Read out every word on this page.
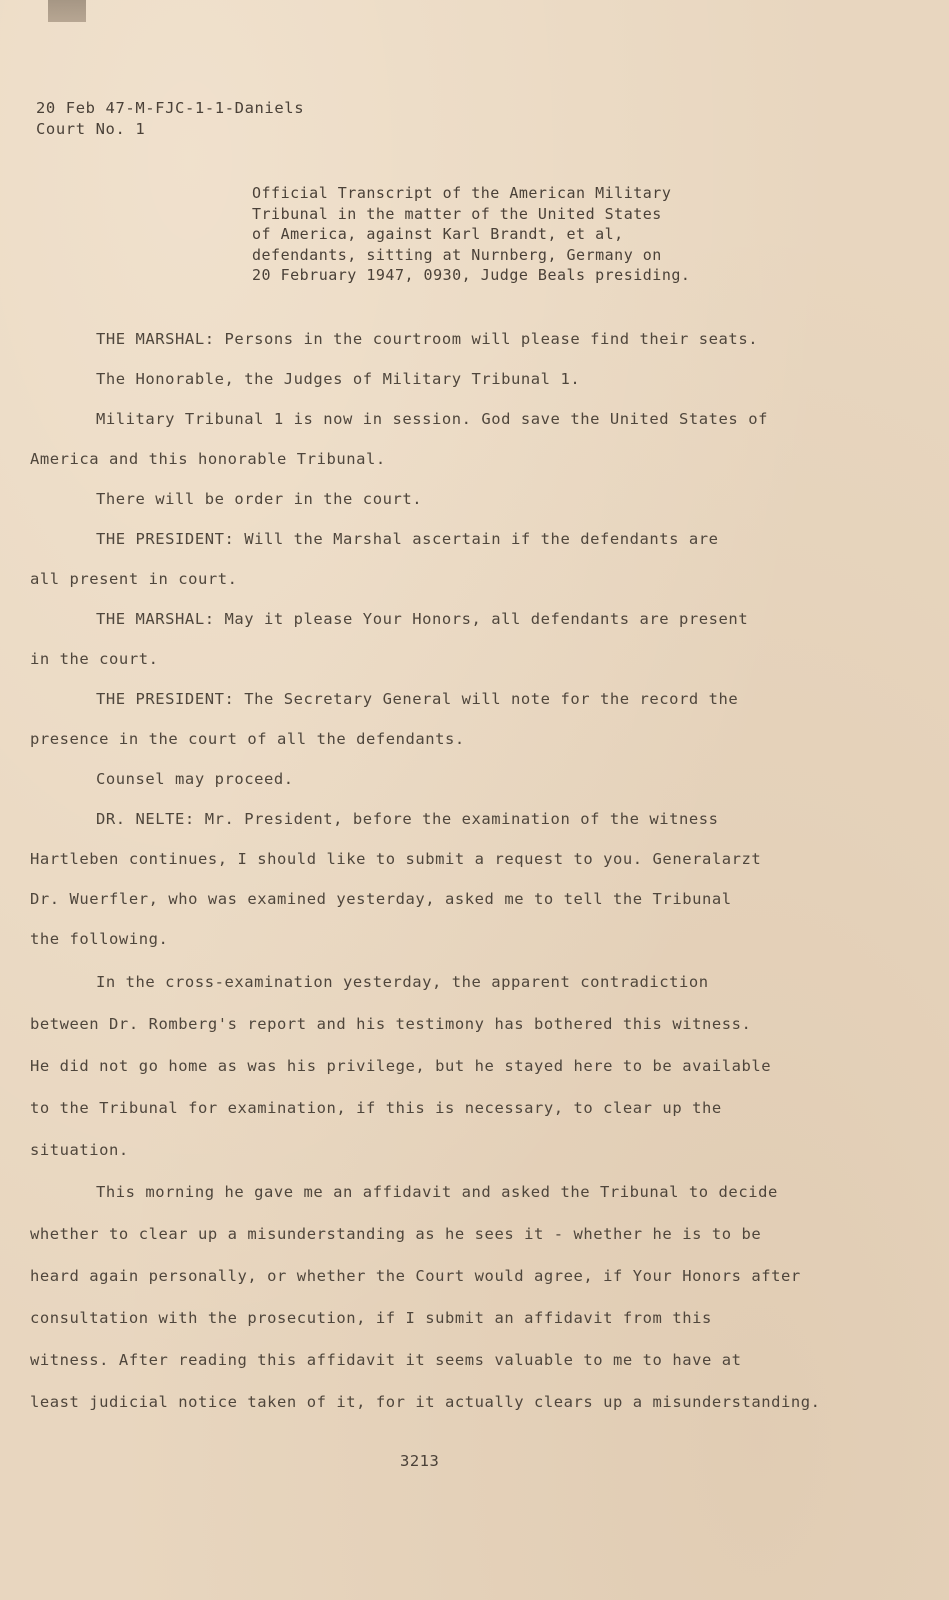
20 Feb 47-M-FJC-1-1-Daniels
Court No. 1
Official Transcript of the American Military
Tribunal in the matter of the United States
of America, against Karl Brandt, et al,
defendants, sitting at Nurnberg, Germany on
20 February 1947, 0930, Judge Beals presiding.
THE MARSHAL: Persons in the courtroom will please find their seats.
The Honorable, the Judges of Military Tribunal 1.
Military Tribunal 1 is now in session. God save the United States of
America and this honorable Tribunal.
There will be order in the court.
THE PRESIDENT: Will the Marshal ascertain if the defendants are
all present in court.
THE MARSHAL: May it please Your Honors, all defendants are present
in the court.
THE PRESIDENT: The Secretary General will note for the record the
presence in the court of all the defendants.
Counsel may proceed.
DR. NELTE: Mr. President, before the examination of the witness
Hartleben continues, I should like to submit a request to you. Generalarzt
Dr. Wuerfler, who was examined yesterday, asked me to tell the Tribunal
the following.
In the cross-examination yesterday, the apparent contradiction
between Dr. Romberg's report and his testimony has bothered this witness.
He did not go home as was his privilege, but he stayed here to be available
to the Tribunal for examination, if this is necessary, to clear up the
situation.
This morning he gave me an affidavit and asked the Tribunal to decide
whether to clear up a misunderstanding as he sees it - whether he is to be
heard again personally, or whether the Court would agree, if Your Honors after
consultation with the prosecution, if I submit an affidavit from this
witness. After reading this affidavit it seems valuable to me to have at
least judicial notice taken of it, for it actually clears up a misunderstanding.
3213
